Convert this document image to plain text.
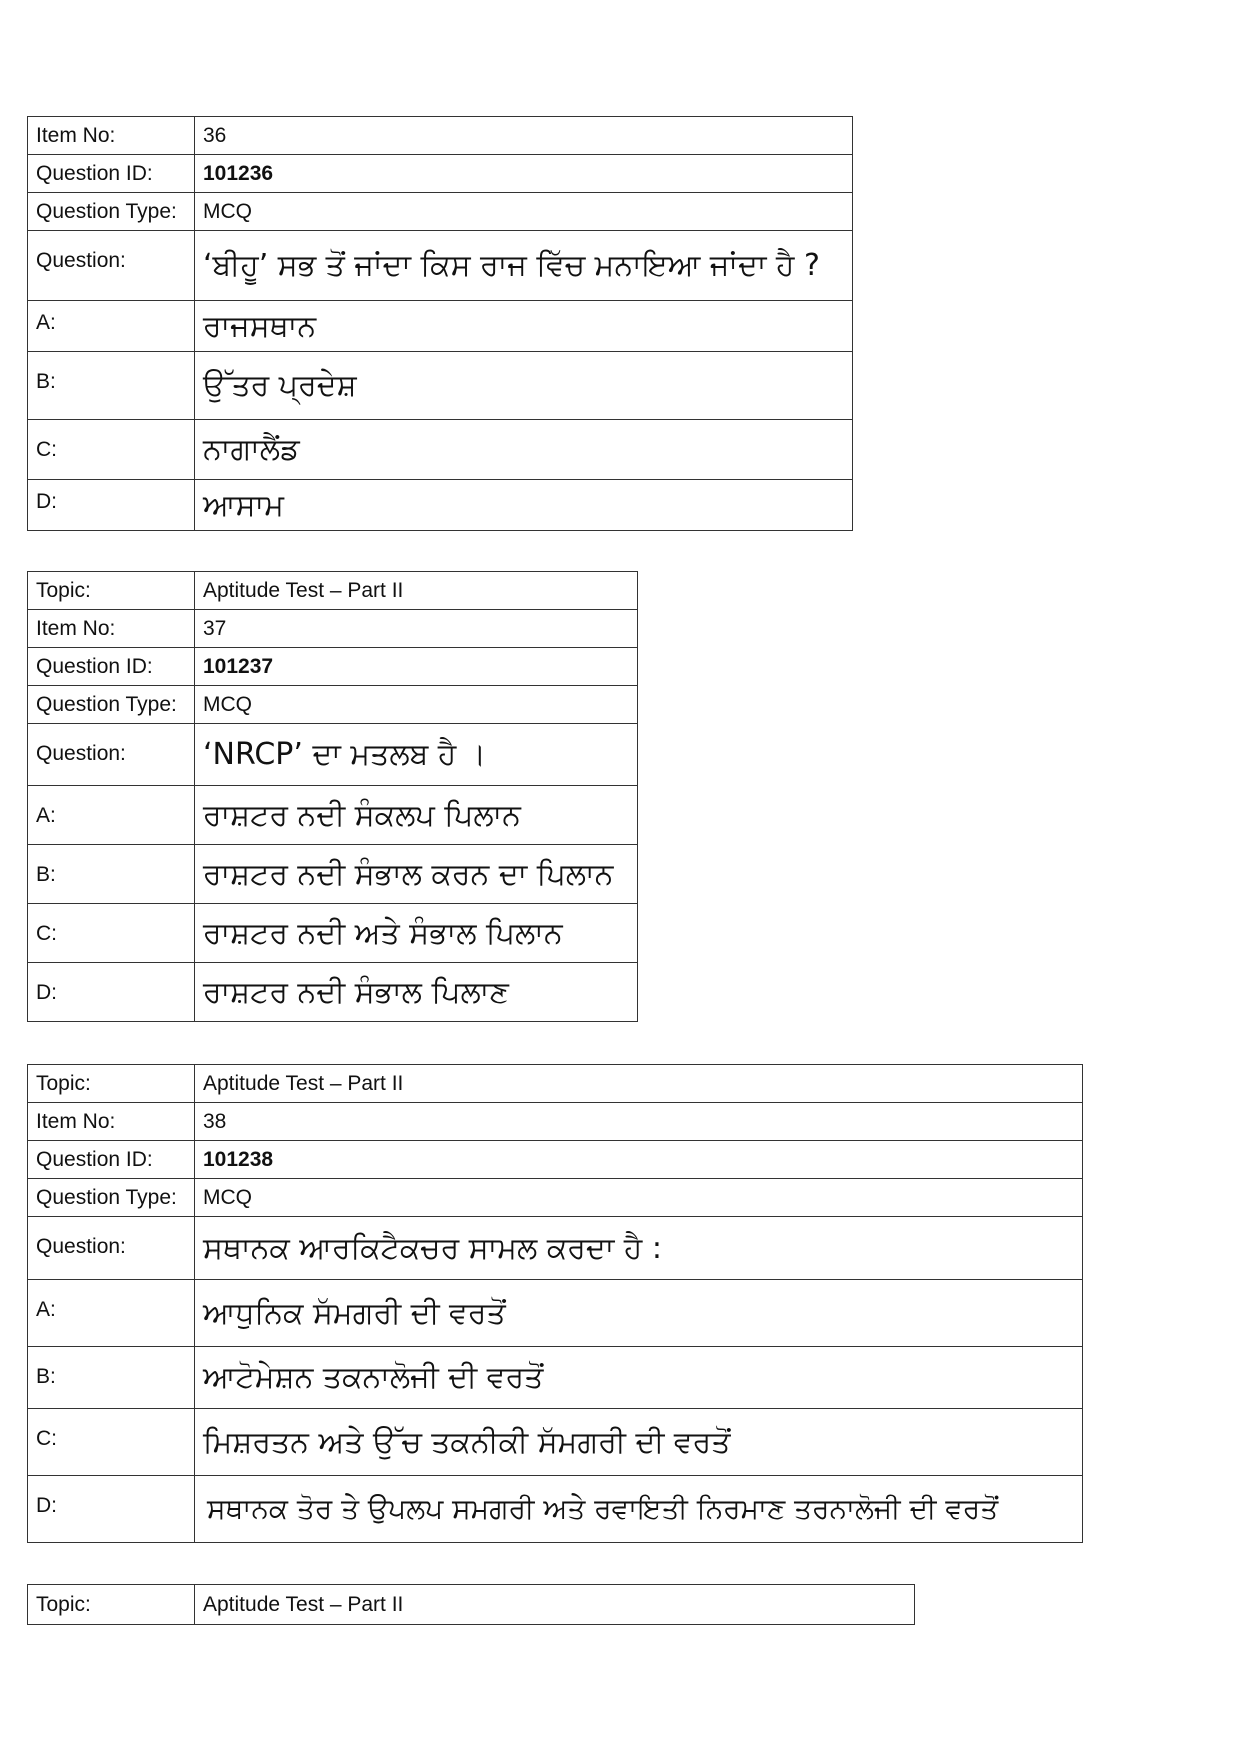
Item No:	36
Question ID:	101236
Question Type:	MCQ
Question:	‘ਬੀਹੂ’ ਸਭ ਤੋਂ ਜਾਂਦਾ ਕਿਸ ਰਾਜ ਵਿੱਚ ਮਨਾਇਆ ਜਾਂਦਾ ਹੈ ?
A:	ਰਾਜਸਥਾਨ
B:	ਉੱਤਰ ਪ੍ਰਦੇਸ਼
C:	ਨਾਗਾਲੈਂਡ
D:	ਆਸਾਮ
Topic:	Aptitude Test – Part II
Item No:	37
Question ID:	101237
Question Type:	MCQ
Question:	‘NRCP’ ਦਾ ਮਤਲਬ ਹੈ ।
A:	ਰਾਸ਼ਟਰ ਨਦੀ ਸੰਕਲਪ ਪਿਲਾਨ
B:	ਰਾਸ਼ਟਰ ਨਦੀ ਸੰਭਾਲ ਕਰਨ ਦਾ ਪਿਲਾਨ
C:	ਰਾਸ਼ਟਰ ਨਦੀ ਅਤੇ ਸੰਭਾਲ ਪਿਲਾਨ
D:	ਰਾਸ਼ਟਰ ਨਦੀ ਸੰਭਾਲ ਪਿਲਾਣ
Topic:	Aptitude Test – Part II
Item No:	38
Question ID:	101238
Question Type:	MCQ
Question:	ਸਥਾਨਕ ਆਰਕਿਟੈਕਚਰ ਸਾਮਲ ਕਰਦਾ ਹੈ :
A:	ਆਧੁਨਿਕ ਸੱਮਗਰੀ ਦੀ ਵਰਤੋਂ
B:	ਆਟੋਮੇਸ਼ਨ ਤਕਨਾਲੋਜੀ ਦੀ ਵਰਤੋਂ
C:	ਮਿਸ਼ਰਤਨ ਅਤੇ ਉੱਚ ਤਕਨੀਕੀ ਸੱਮਗਰੀ ਦੀ ਵਰਤੋਂ
D:	ਸਥਾਨਕ ਤੋਰ ਤੇ ਉਪਲਪ ਸਮਗਰੀ ਅਤੇ ਰਵਾਇਤੀ ਨਿਰਮਾਣ ਤਰਨਾਲੋਜੀ ਦੀ ਵਰਤੋਂ
Topic:	Aptitude Test – Part II
